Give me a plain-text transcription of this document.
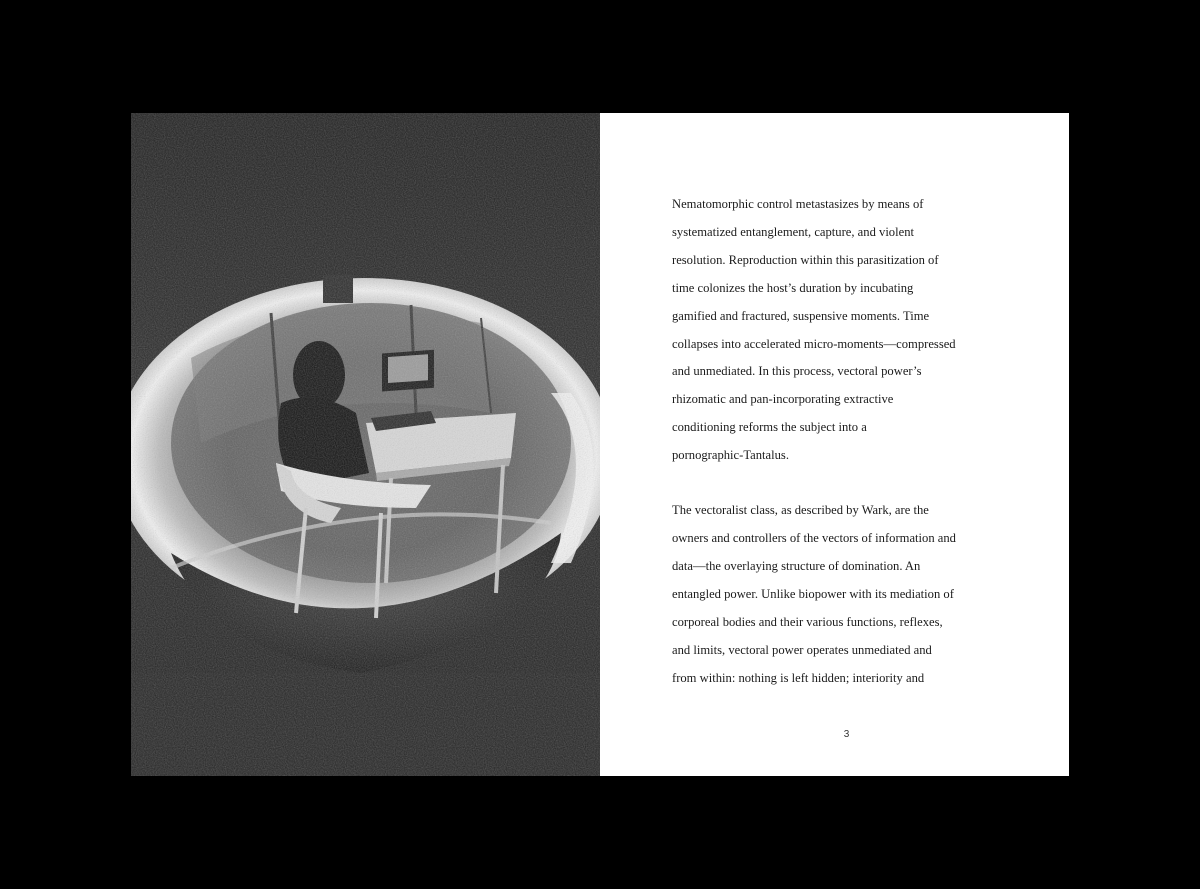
Nematomorphic control metastasizes by means of
systematized entanglement, capture, and violent
resolution. Reproduction within this parasitization of
time colonizes the host’s duration by incubating
gamified and fractured, suspensive moments. Time
collapses into accelerated micro-moments—compressed
and unmediated. In this process, vectoral power’s
rhizomatic and pan-incorporating extractive
conditioning reforms the subject into a
pornographic-Tantalus.

The vectoralist class, as described by Wark, are the
owners and controllers of the vectors of information and
data—the overlaying structure of domination. An
entangled power. Unlike biopower with its mediation of
corporeal bodies and their various functions, reflexes,
and limits, vectoral power operates unmediated and
from within: nothing is left hidden; interiority and

3
